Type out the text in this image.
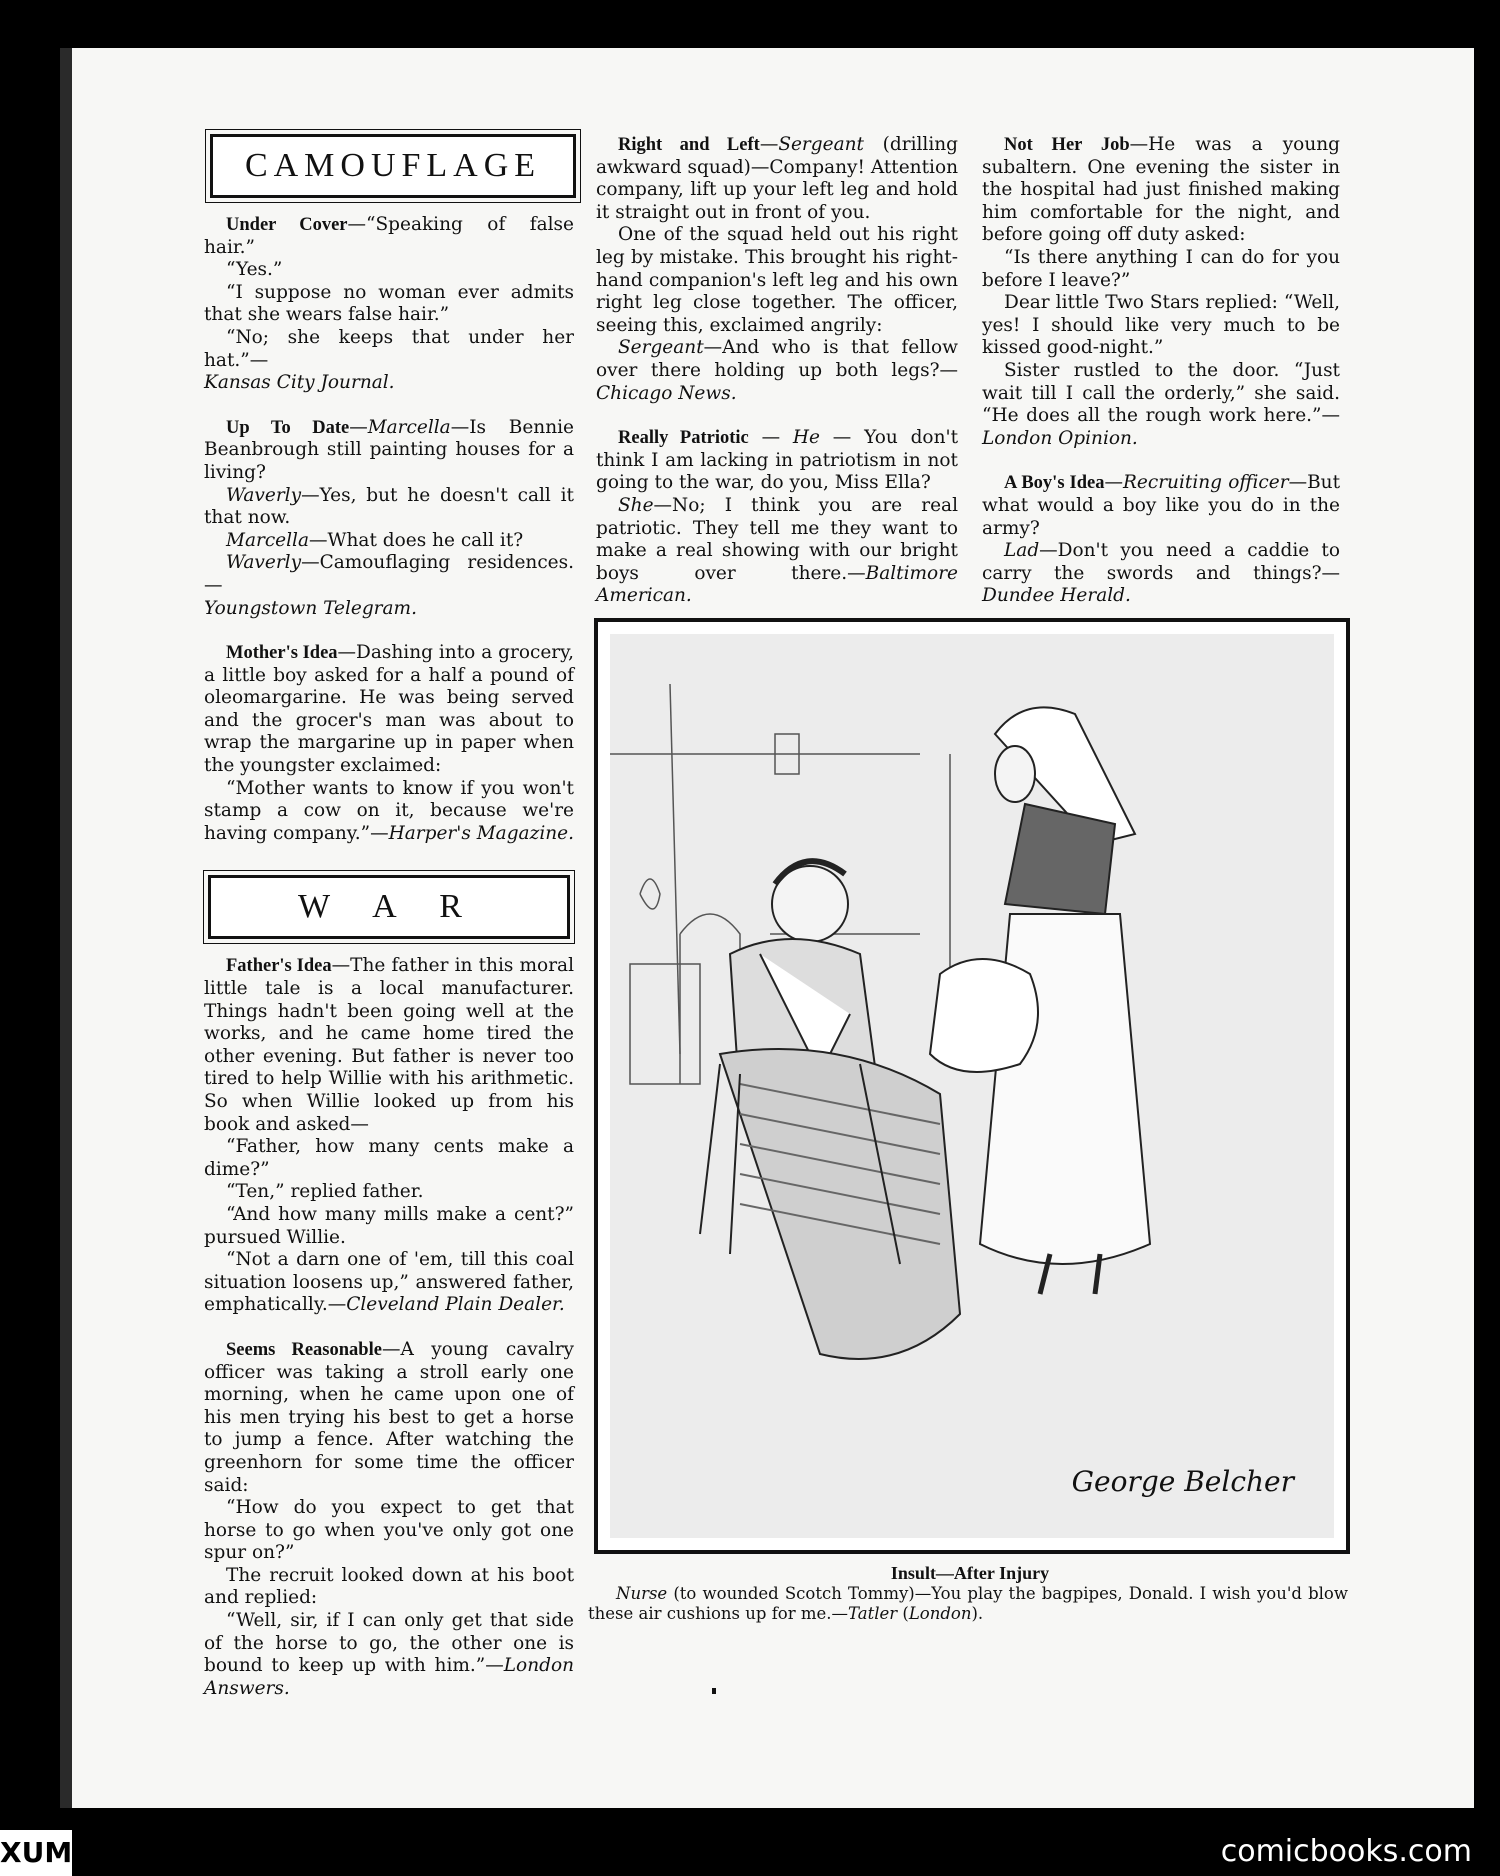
CAMOUFLAGE

Under Cover—“Speaking of false hair.”

“Yes.”

“I suppose no woman ever admits that she wears false hair.”

“No; she keeps that under her hat.”—

Kansas City Journal.

Up To Date—Marcella—Is Bennie Beanbrough still painting houses for a living?

Waverly—Yes, but he doesn't call it that now.

Marcella—What does he call it?

Waverly—Camouflaging residences.—

Youngstown Telegram.

Mother's Idea—Dashing into a grocery, a little boy asked for a half a pound of oleomargarine. He was being served and the grocer's man was about to wrap the margarine up in paper when the youngster exclaimed:

“Mother wants to know if you won't stamp a cow on it, because we're having company.”—Harper's Magazine.

W A R

Father's Idea—The father in this moral little tale is a local manufacturer. Things hadn't been going well at the works, and he came home tired the other evening. But father is never too tired to help Willie with his arithmetic. So when Willie looked up from his book and asked—

“Father, how many cents make a dime?”

“Ten,” replied father.

“And how many mills make a cent?” pursued Willie.

“Not a darn one of 'em, till this coal situation loosens up,” answered father, emphatically.—Cleveland Plain Dealer.

Seems Reasonable—A young cavalry officer was taking a stroll early one morning, when he came upon one of his men trying his best to get a horse to jump a fence. After watching the greenhorn for some time the officer said:

“How do you expect to get that horse to go when you've only got one spur on?”

The recruit looked down at his boot and replied:

“Well, sir, if I can only get that side of the horse to go, the other one is bound to keep up with him.”—London Answers.

Right and Left—Sergeant (drilling awkward squad)—Company! Attention company, lift up your left leg and hold it straight out in front of you.

One of the squad held out his right leg by mistake. This brought his right-hand companion's left leg and his own right leg close together. The officer, seeing this, exclaimed angrily:

Sergeant—And who is that fellow over there holding up both legs?—Chicago News.

Really Patriotic — He — You don't think I am lacking in patriotism in not going to the war, do you, Miss Ella?

She—No; I think you are real patriotic. They tell me they want to make a real showing with our bright boys over there.—Baltimore American.

Not Her Job—He was a young subaltern. One evening the sister in the hospital had just finished making him comfortable for the night, and before going off duty asked:

“Is there anything I can do for you before I leave?”

Dear little Two Stars replied: “Well, yes! I should like very much to be kissed good-night.”

Sister rustled to the door. “Just wait till I call the orderly,” she said. “He does all the rough work here.”—London Opinion.

A Boy's Idea—Recruiting officer—But what would a boy like you do in the army?

Lad—Don't you need a caddie to carry the swords and things?—Dundee Herald.

George Belcher
Insult—After Injury

Nurse (to wounded Scotch Tommy)—You play the bagpipes, Donald. I wish you'd blow these air cushions up for me.—Tatler (London).

XUM	comicbooks.com
